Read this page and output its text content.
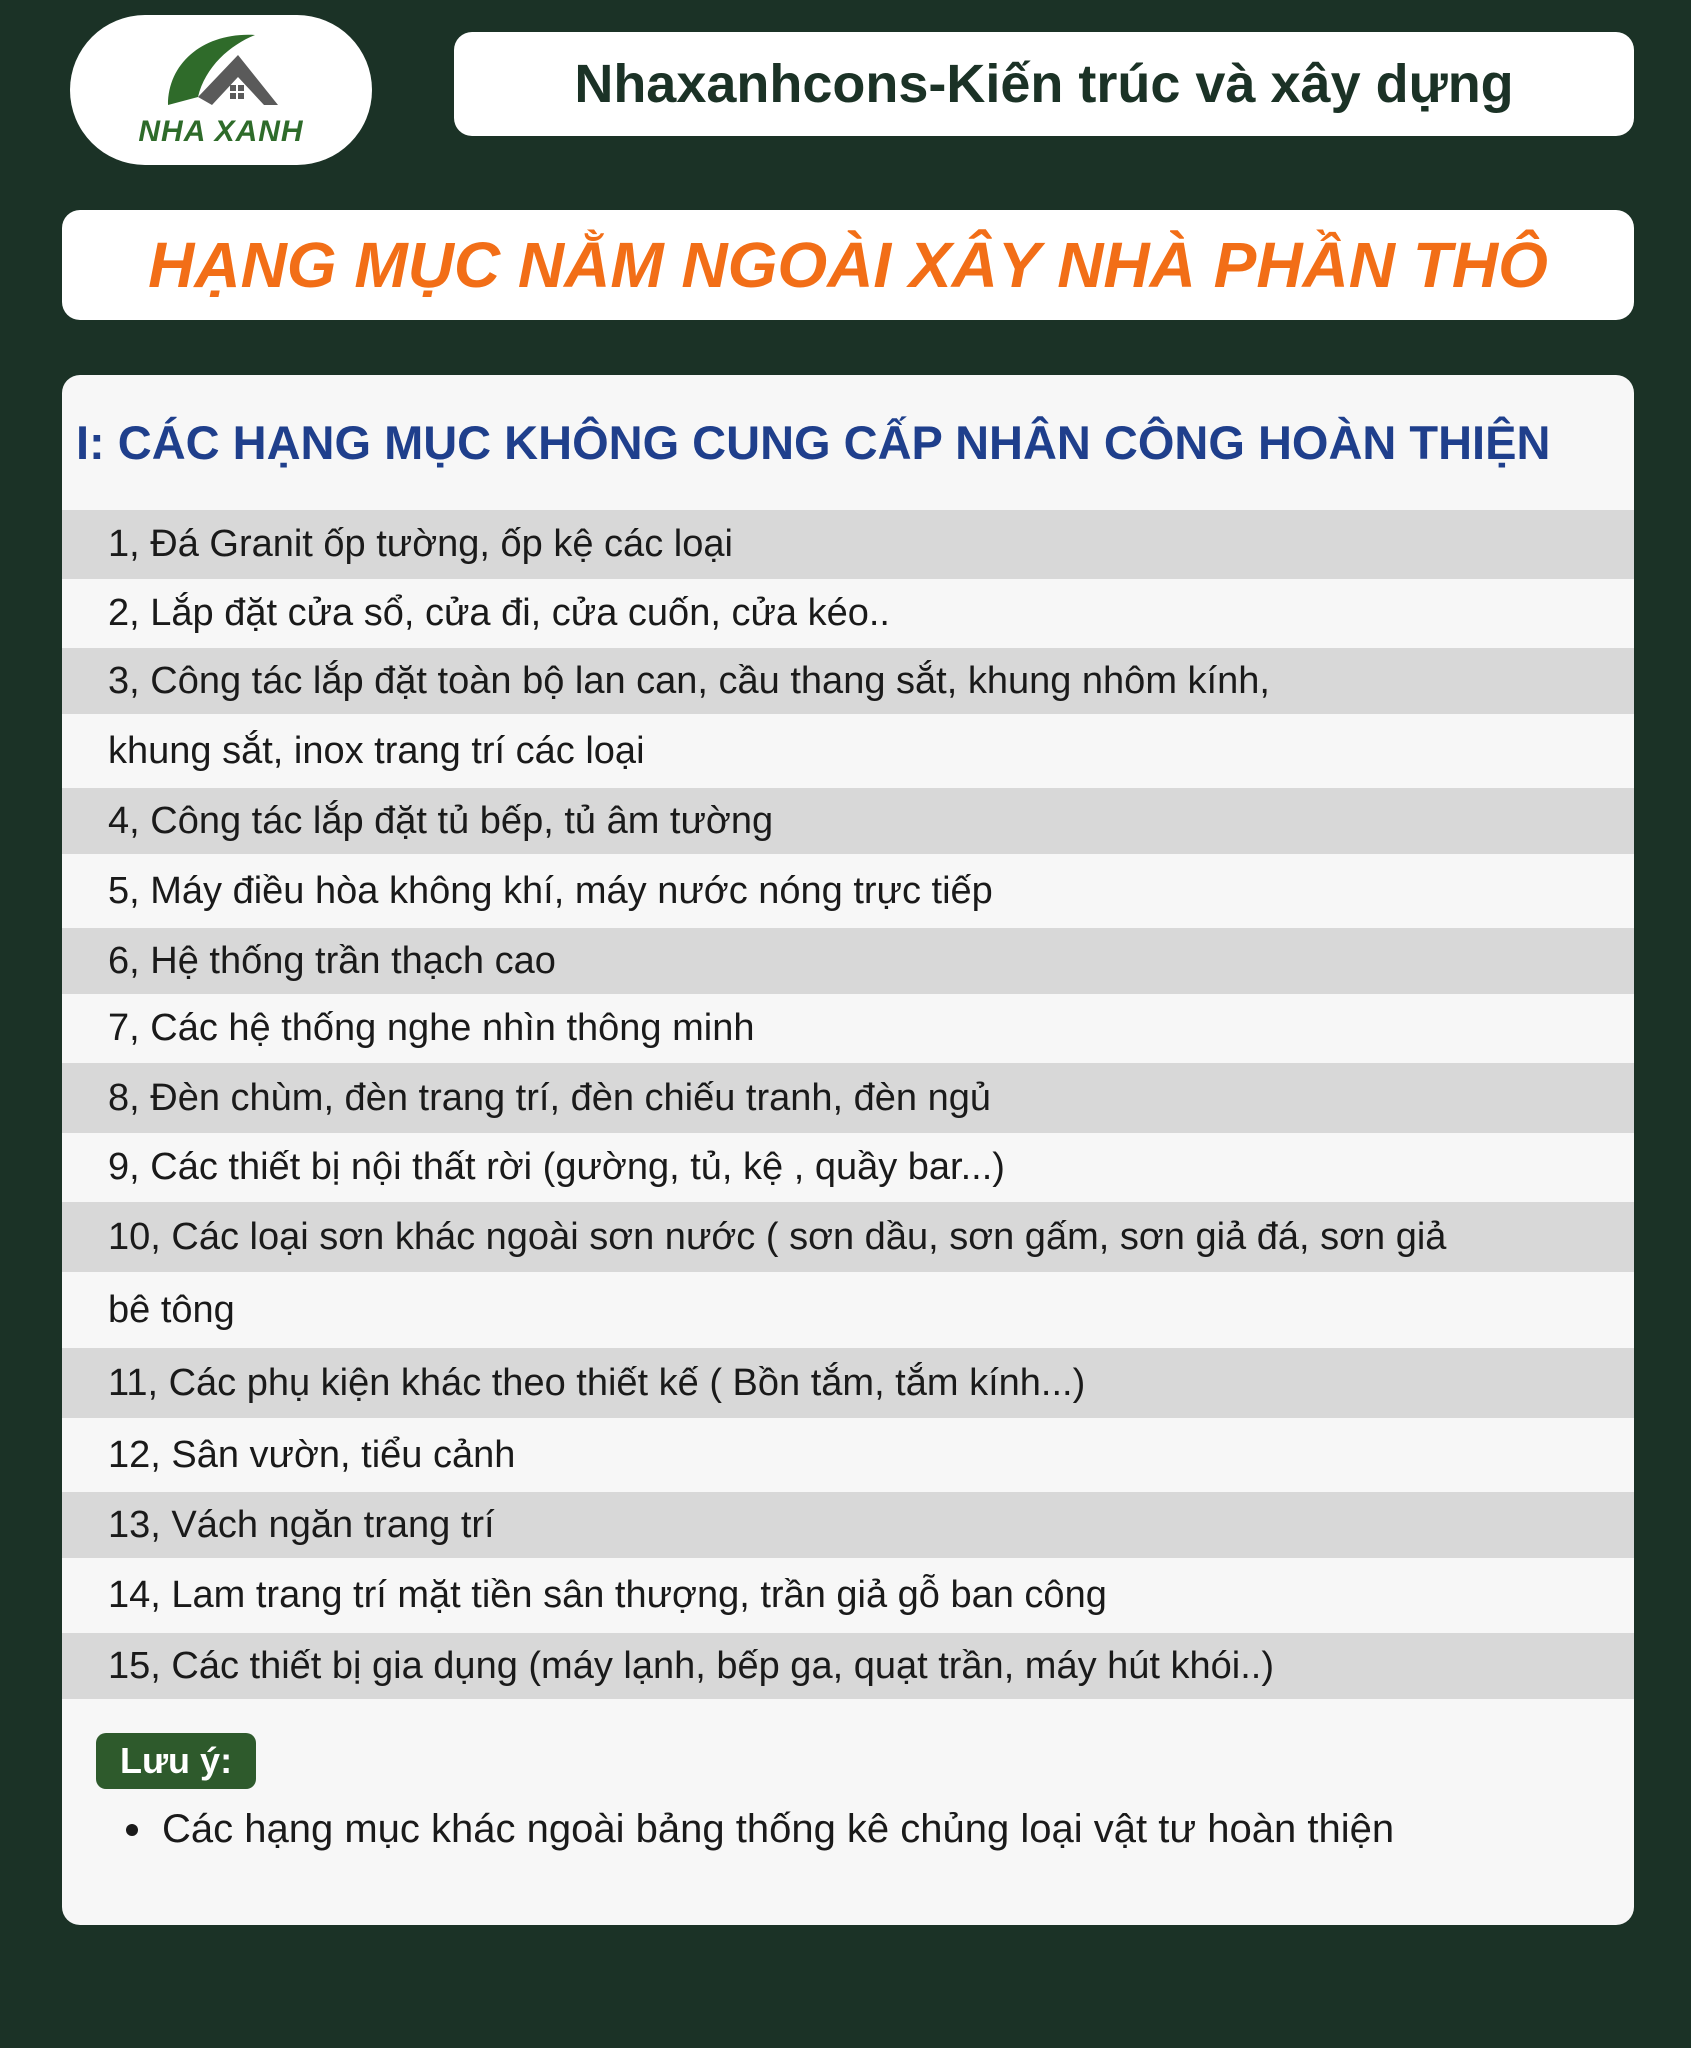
NHA XANH
Nhaxanhcons-Kiến trúc và xây dựng
HẠNG MỤC NẰM NGOÀI XÂY NHÀ PHẦN THÔ
I: CÁC HẠNG MỤC KHÔNG CUNG CẤP NHÂN CÔNG HOÀN THIỆN
1, Đá Granit ốp tường, ốp kệ các loại
2, Lắp đặt cửa sổ, cửa đi, cửa cuốn, cửa kéo..
3, Công tác lắp đặt toàn bộ lan can, cầu thang sắt, khung nhôm kính,
khung sắt, inox trang trí các loại
4, Công tác lắp đặt tủ bếp, tủ âm tường
5, Máy điều hòa không khí, máy nước nóng trực tiếp
6, Hệ thống trần thạch cao
7, Các hệ thống nghe nhìn thông minh
8, Đèn chùm, đèn trang trí, đèn chiếu tranh, đèn ngủ
9, Các thiết bị nội thất rời (gường, tủ, kệ , quầy bar...)
10, Các loại sơn khác ngoài sơn nước ( sơn dầu, sơn gấm, sơn giả đá, sơn giả
bê tông
11, Các phụ kiện khác theo thiết kế ( Bồn tắm, tắm kính...)
12, Sân vườn, tiểu cảnh
13, Vách ngăn trang trí
14, Lam trang trí mặt tiền sân thượng, trần giả gỗ ban công
15, Các thiết bị gia dụng (máy lạnh, bếp ga, quạt trần, máy hút khói..)
Lưu ý:
Các hạng mục khác ngoài bảng thống kê chủng loại vật tư hoàn thiện
